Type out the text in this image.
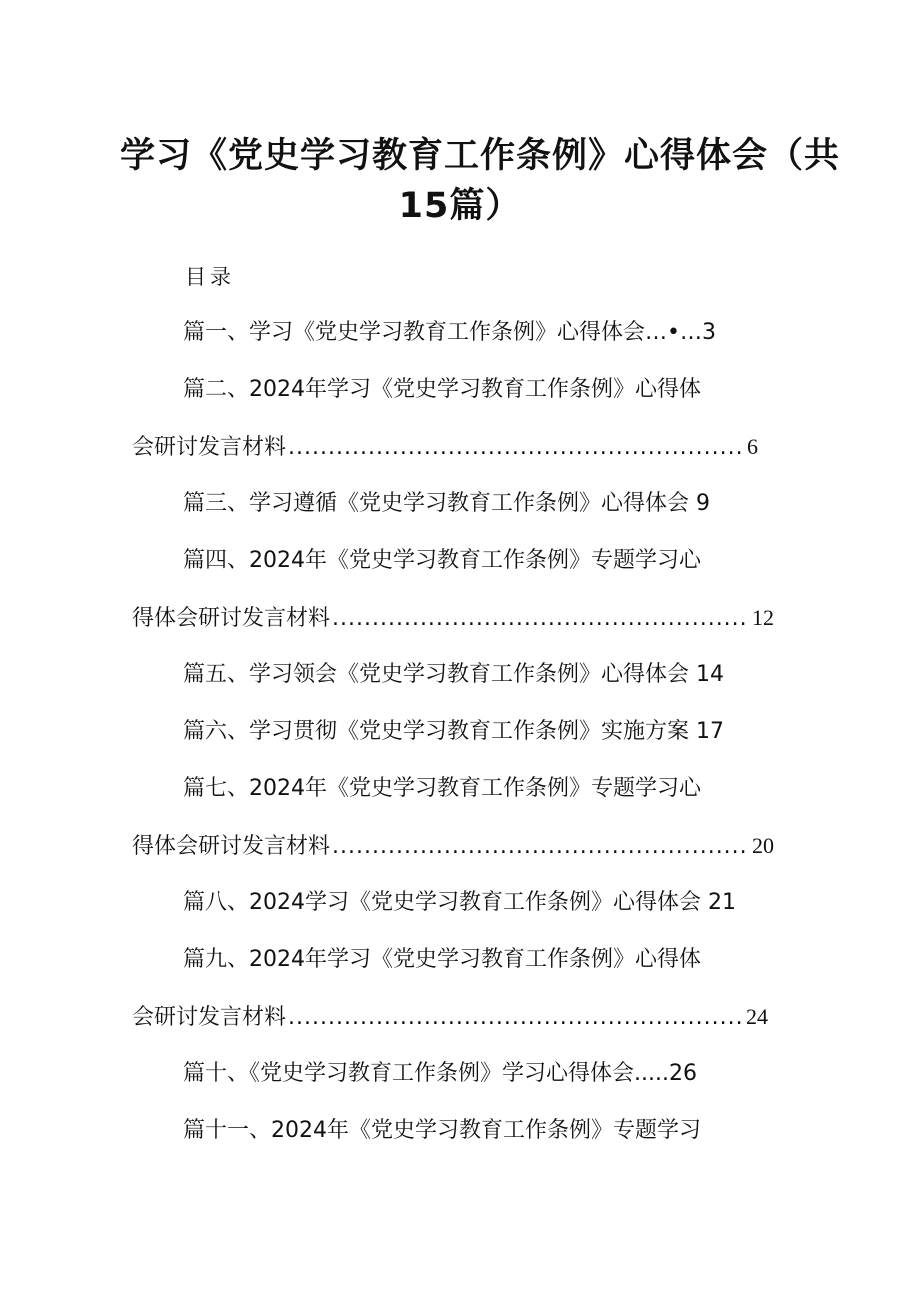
学习《党史学习教育工作条例》心得体会（共
15篇）
目录
篇一、学习《党史学习教育工作条例》心得体会…•…3
篇二、2024年学习《党史学习教育工作条例》心得体
会研讨发言材料 .....	6
篇三、学习遵循《党史学习教育工作条例》心得体会 9
篇四、2024年《党史学习教育工作条例》专题学习心
得体会研讨发言材料 .....	12
篇五、学习领会《党史学习教育工作条例》心得体会 14
篇六、学习贯彻《党史学习教育工作条例》实施方案 17
篇七、2024年《党史学习教育工作条例》专题学习心
得体会研讨发言材料 .....	20
篇八、2024学习《党史学习教育工作条例》心得体会 21
篇九、2024年学习《党史学习教育工作条例》心得体
会研讨发言材料 .....	24
篇十、《党史学习教育工作条例》学习心得体会.....26
篇十一、2024年《党史学习教育工作条例》专题学习
